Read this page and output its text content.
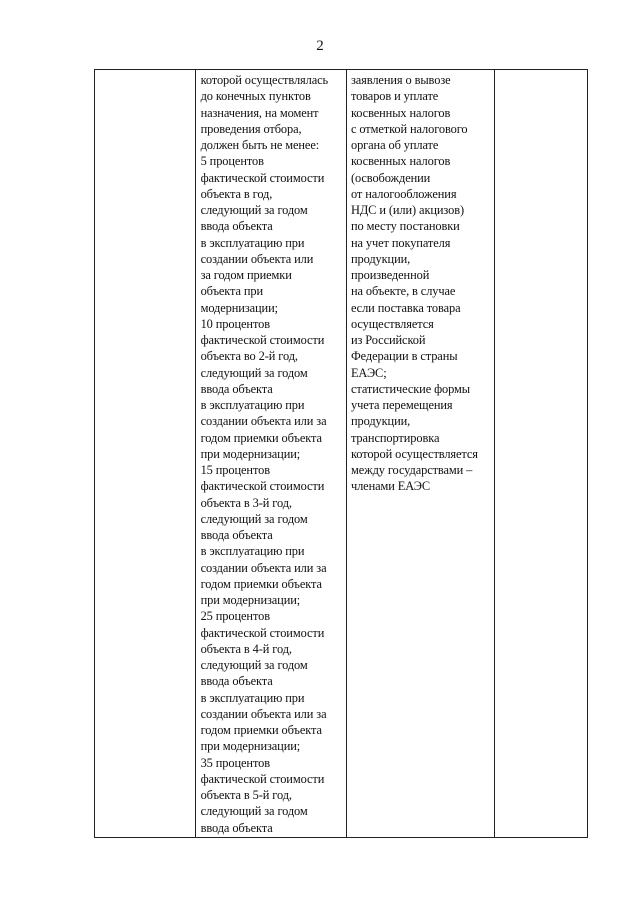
2
которой осуществлялась
до конечных пунктов
назначения, на момент
проведения отбора,
должен быть не менее:
5 процентов
фактической стоимости
объекта в год,
следующий за годом
ввода объекта
в эксплуатацию при
создании объекта или
за годом приемки
объекта при
модернизации;
10 процентов
фактической стоимости
объекта во 2-й год,
следующий за годом
ввода объекта
в эксплуатацию при
создании объекта или за
годом приемки объекта
при модернизации;
15 процентов
фактической стоимости
объекта в 3-й год,
следующий за годом
ввода объекта
в эксплуатацию при
создании объекта или за
годом приемки объекта
при модернизации;
25 процентов
фактической стоимости
объекта в 4-й год,
следующий за годом
ввода объекта
в эксплуатацию при
создании объекта или за
годом приемки объекта
при модернизации;
35 процентов
фактической стоимости
объекта в 5-й год,
следующий за годом
ввода объекта
заявления о вывозе
товаров и уплате
косвенных налогов
с отметкой налогового
органа об уплате
косвенных налогов
(освобождении
от налогообложения
НДС и (или) акцизов)
по месту постановки
на учет покупателя
продукции,
произведенной
на объекте, в случае
если поставка товара
осуществляется
из Российской
Федерации в страны
ЕАЭС;
статистические формы
учета перемещения
продукции,
транспортировка
которой осуществляется
между государствами –
членами ЕАЭС
